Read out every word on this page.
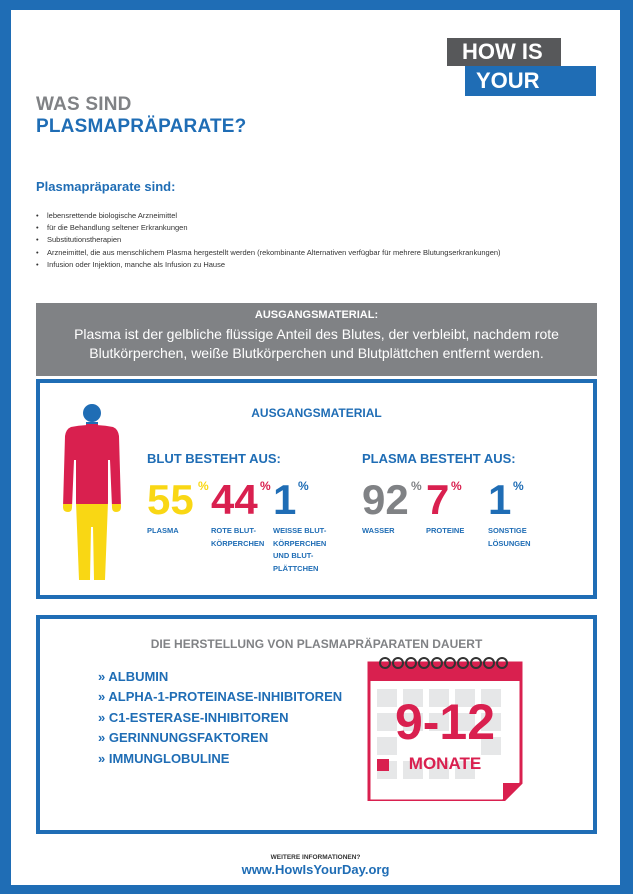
HOW IS
YOUR DAY?
WAS SIND
PLASMAPRÄPARATE?
Plasmapräparate sind:
• lebensrettende biologische Arzneimittel
• für die Behandlung seltener Erkrankungen
• Substitutionstherapien
• Arzneimittel, die aus menschlichem Plasma hergestellt werden (rekombinante Alternativen verfügbar für mehrere Blutungserkrankungen)
• Infusion oder Injektion, manche als Infusion zu Hause
AUSGANGSMATERIAL:
Plasma ist der gelbliche flüssige Anteil des Blutes, der verbleibt, nachdem rote
Blutkörperchen, weiße Blutkörperchen und Blutplättchen entfernt werden.
AUSGANGSMATERIAL
BLUT BESTEHT AUS:	PLASMA BESTEHT AUS:
55 %
PLASMA
44 %
ROTE BLUT-
KÖRPERCHEN
1 %
WEISSE BLUT-
KÖRPERCHEN
UND BLUT-
PLÄTTCHEN
92 %
WASSER
7 %
PROTEINE
1 %
SONSTIGE
LÖSUNGEN
DIE HERSTELLUNG VON PLASMAPRÄPARATEN DAUERT
» ALBUMIN
» ALPHA-1-PROTEINASE-INHIBITOREN
» C1-ESTERASE-INHIBITOREN
» GERINNUNGSFAKTOREN
» IMMUNGLOBULINE
9-12
MONATE
WEITERE INFORMATIONEN?
www.HowIsYourDay.org
